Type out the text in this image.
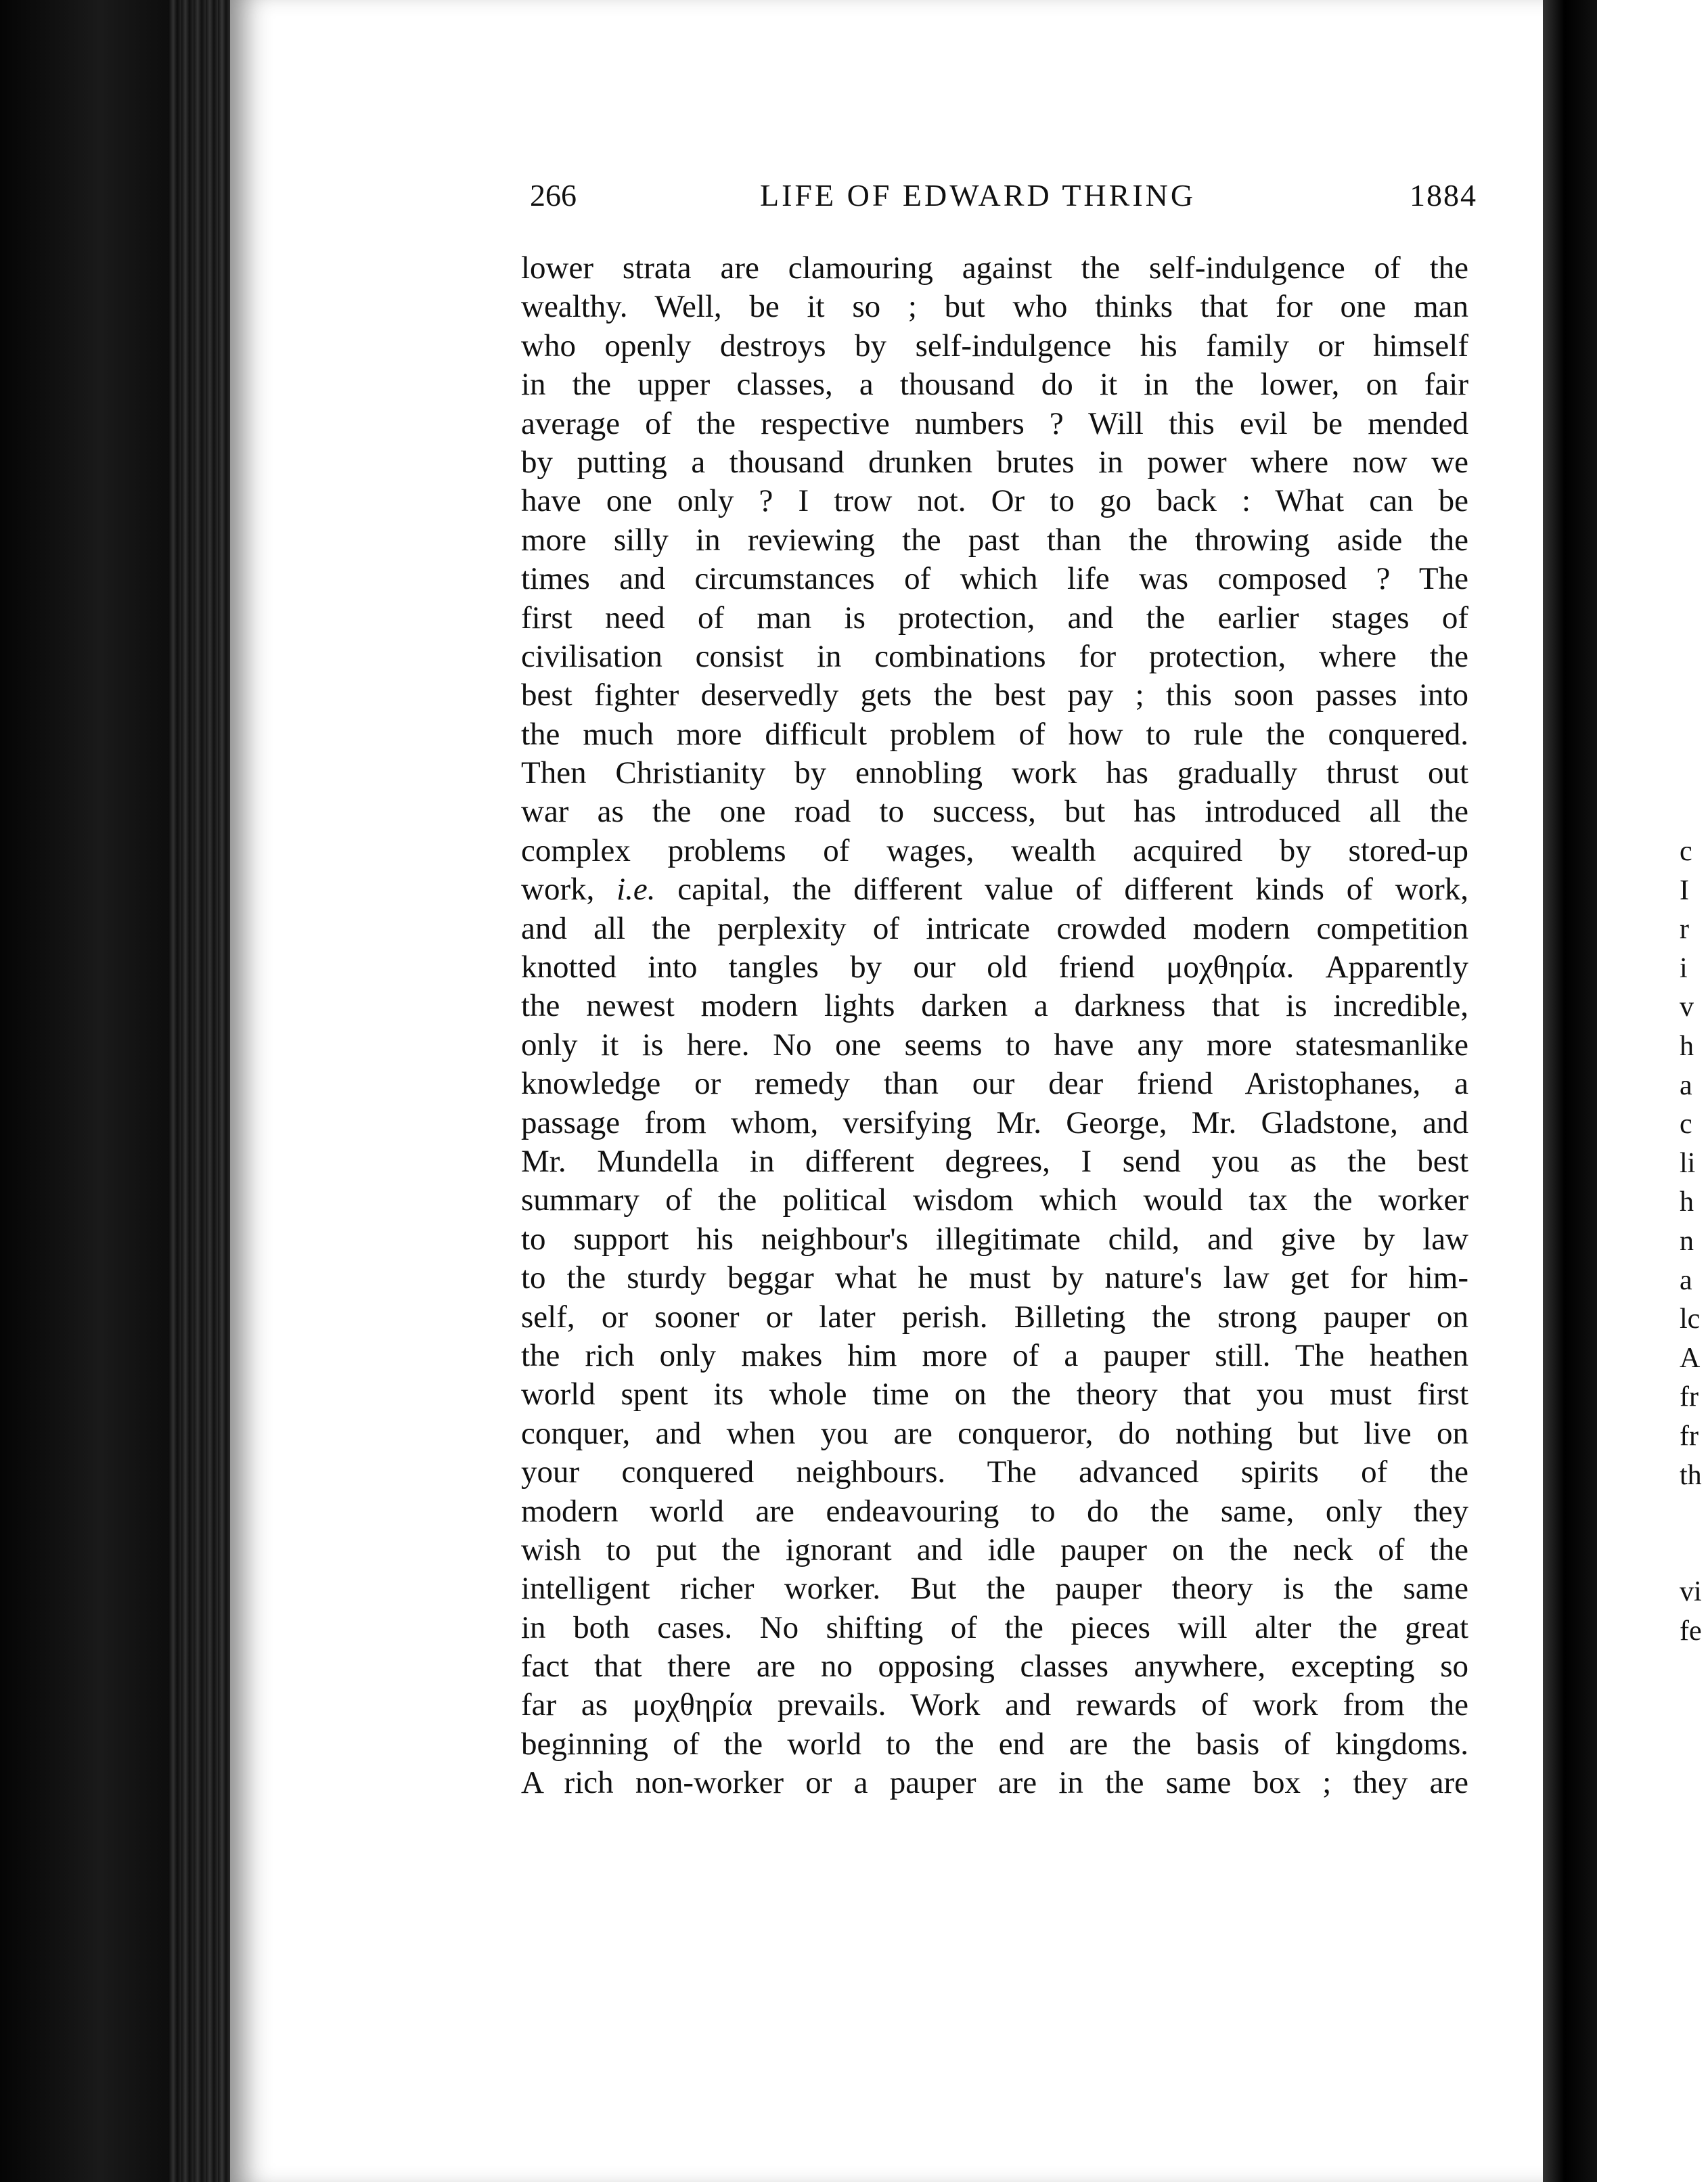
266	LIFE OF EDWARD THRING	1884
lower strata are clamouring against the self-indulgence of the
wealthy. Well, be it so ; but who thinks that for one man
who openly destroys by self-indulgence his family or himself
in the upper classes, a thousand do it in the lower, on fair
average of the respective numbers ? Will this evil be mended
by putting a thousand drunken brutes in power where now we
have one only ? I trow not. Or to go back : What can be
more silly in reviewing the past than the throwing aside the
times and circumstances of which life was composed ? The
first need of man is protection, and the earlier stages of
civilisation consist in combinations for protection, where the
best fighter deservedly gets the best pay ; this soon passes into
the much more difficult problem of how to rule the conquered.
Then Christianity by ennobling work has gradually thrust out
war as the one road to success, but has introduced all the
complex problems of wages, wealth acquired by stored-up
work, i.e. capital, the different value of different kinds of work,
and all the perplexity of intricate crowded modern competition
knotted into tangles by our old friend μοχθηρία. Apparently
the newest modern lights darken a darkness that is incredible,
only it is here. No one seems to have any more statesmanlike
knowledge or remedy than our dear friend Aristophanes, a
passage from whom, versifying Mr. George, Mr. Gladstone, and
Mr. Mundella in different degrees, I send you as the best
summary of the political wisdom which would tax the worker
to support his neighbour's illegitimate child, and give by law
to the sturdy beggar what he must by nature's law get for him-
self, or sooner or later perish. Billeting the strong pauper on
the rich only makes him more of a pauper still. The heathen
world spent its whole time on the theory that you must first
conquer, and when you are conqueror, do nothing but live on
your conquered neighbours. The advanced spirits of the
modern world are endeavouring to do the same, only they
wish to put the ignorant and idle pauper on the neck of the
intelligent richer worker. But the pauper theory is the same
in both cases. No shifting of the pieces will alter the great
fact that there are no opposing classes anywhere, excepting so
far as μοχθηρία prevails. Work and rewards of work from the
beginning of the world to the end are the basis of kingdoms.
A rich non-worker or a pauper are in the same box ; they are
c
I
r
i
v
h
a
c
li
h
n
a
lc
A
fr
fr
th
vi
fe
